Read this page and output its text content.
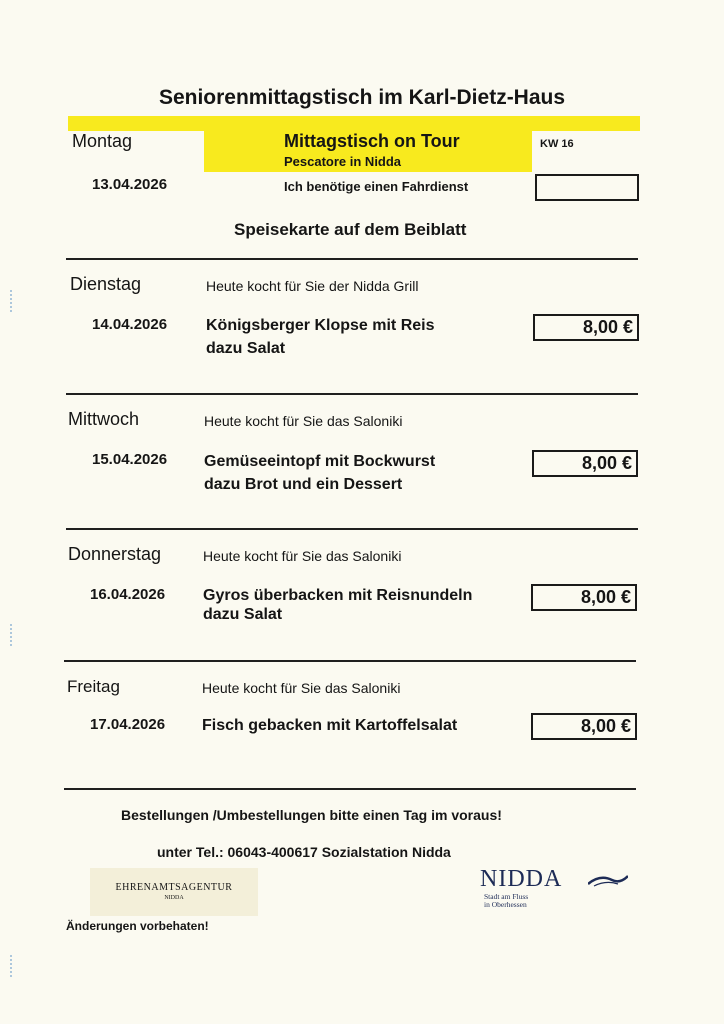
Seniorenmittagstisch im Karl-Dietz-Haus
Montag	Mittagstisch on Tour
Pescatore in Nidda
KW 16
13.04.2026	Ich benötige einen Fahrdienst
Speisekarte auf dem Beiblatt
Dienstag	Heute kocht für Sie der Nidda Grill
14.04.2026 Königsberger Klopse mit Reis
dazu Salat
8,00 €
Mittwoch	Heute kocht für Sie das Saloniki
15.04.2026 Gemüseeintopf mit Bockwurst
dazu Brot und ein Dessert
8,00 €
Donnerstag	Heute kocht für Sie das Saloniki
16.04.2026 Gyros überbacken mit Reisnundeln
dazu Salat
8,00 €
Freitag	Heute kocht für Sie das Saloniki
17.04.2026 Fisch gebacken mit Kartoffelsalat	8,00 €
Bestellungen /Umbestellungen bitte einen Tag im voraus!
unter Tel.: 06043-400617 Sozialstation Nidda
EHRENAMTSAGENTUR
NIDDA
NIDDA
Stadt am Fluss
in Oberhessen
Änderungen vorbehaten!
